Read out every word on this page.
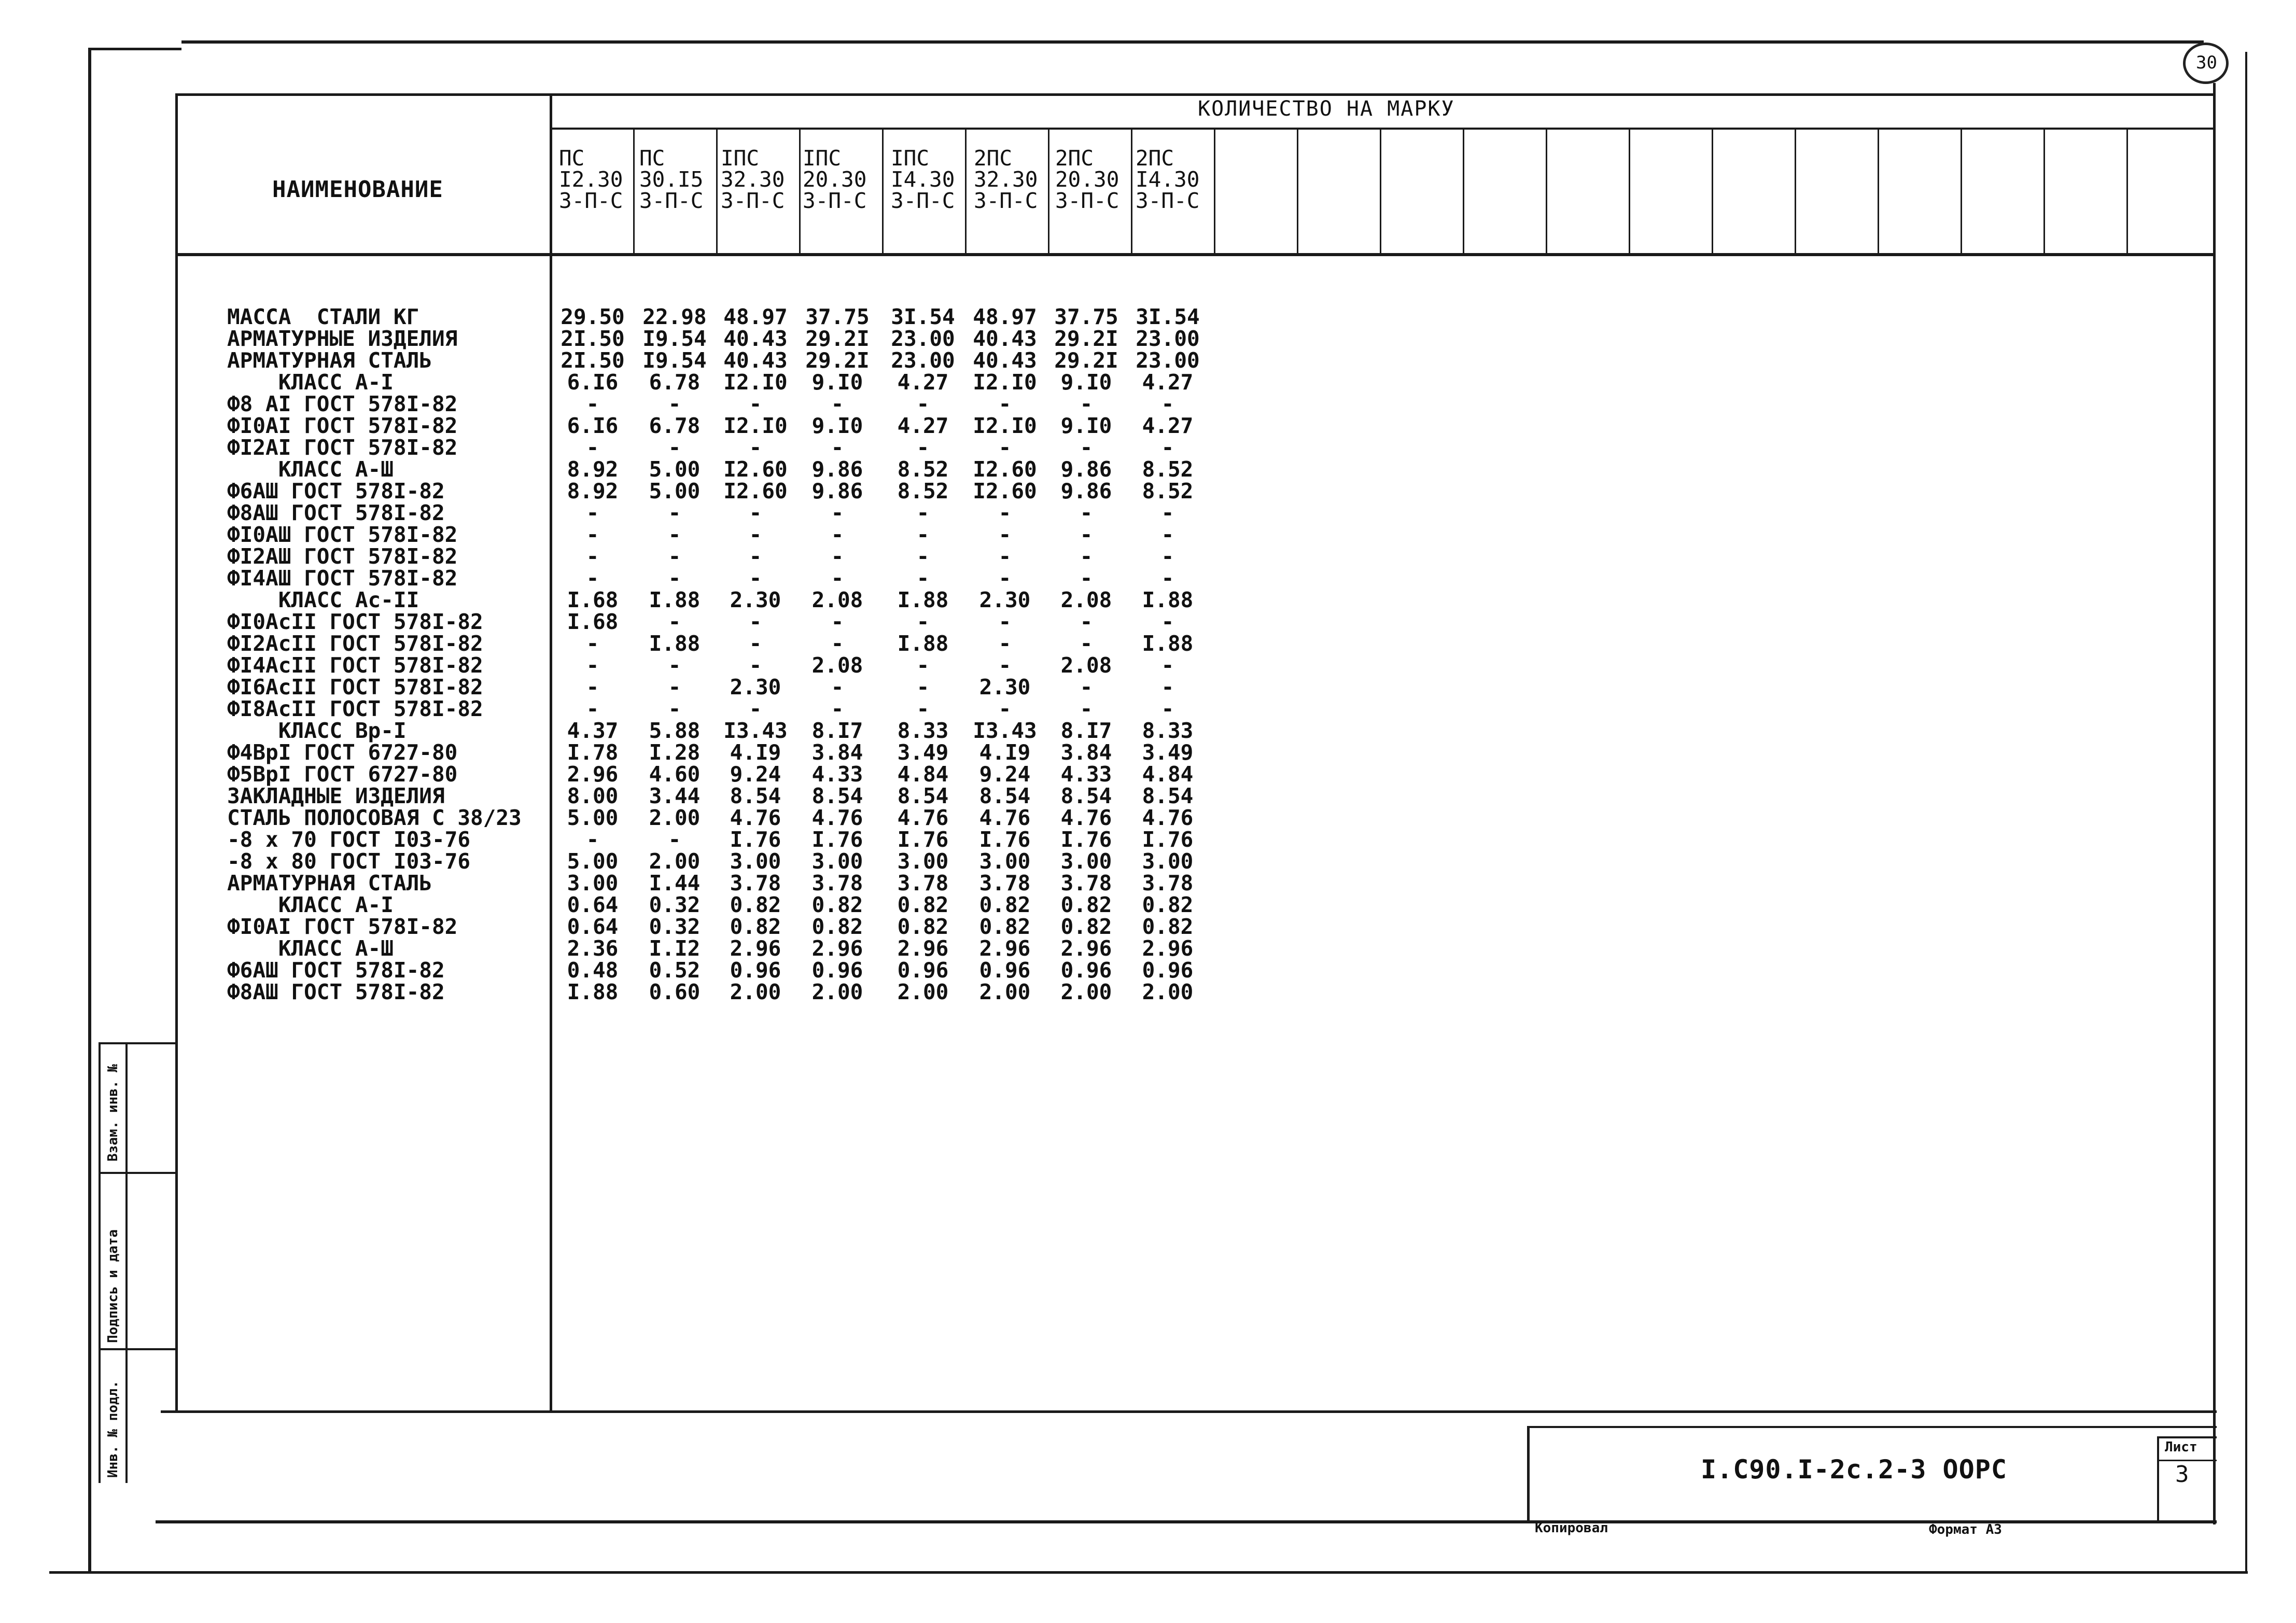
КОЛИЧЕСТВО НА МАРКУ
НАИМЕНОВАНИЕ
ПС
I2.30
3-П-С
ПС
30.I5
3-П-С
IПС
32.30
3-П-С
IПС
20.30
3-П-С
IПС
I4.30
3-П-С
2ПС
32.30
3-П-С
2ПС
20.30
3-П-С
2ПС
I4.30
3-П-С
МАССА  СТАЛИ КГ	29.50 22.98 48.97 37.75	3I.54 48.97 37.75 3I.54
АРМАТУРНЫЕ ИЗДЕЛИЯ	2I.50 I9.54 40.43 29.2I	23.00 40.43 29.2I 23.00
АРМАТУРНАЯ СТАЛЬ	2I.50 I9.54 40.43 29.2I	23.00 40.43 29.2I 23.00
КЛАСС А-I	6.I6	6.78	I2.I0	9.I0	4.27	I2.I0	9.I0	4.27
Ф8 АI ГОСТ 578I-82	-	-	-	-	-	-	-	-
ФI0АI ГОСТ 578I-82	6.I6	6.78	I2.I0	9.I0	4.27	I2.I0	9.I0	4.27
ФI2АI ГОСТ 578I-82	-	-	-	-	-	-	-	-
КЛАСС А-Ш	8.92	5.00	I2.60	9.86	8.52	I2.60	9.86	8.52
Ф6АШ ГОСТ 578I-82	8.92	5.00	I2.60	9.86	8.52	I2.60	9.86	8.52
Ф8АШ ГОСТ 578I-82	-	-	-	-	-	-	-	-
ФI0АШ ГОСТ 578I-82	-	-	-	-	-	-	-	-
ФI2АШ ГОСТ 578I-82	-	-	-	-	-	-	-	-
ФI4АШ ГОСТ 578I-82	-	-	-	-	-	-	-	-
КЛАСС Ас-II	I.68	I.88	2.30	2.08	I.88	2.30	2.08	I.88
ФI0АсII ГОСТ 578I-82	I.68	-	-	-	-	-	-	-
ФI2АсII ГОСТ 578I-82	-	I.88	-	-	I.88	-	-	I.88
ФI4АсII ГОСТ 578I-82	-	-	-	2.08	-	-	2.08	-
ФI6АсII ГОСТ 578I-82	-	-	2.30	-	-	2.30	-	-
ФI8АсII ГОСТ 578I-82	-	-	-	-	-	-	-	-
КЛАСС Вр-I	4.37	5.88	I3.43	8.I7	8.33	I3.43	8.I7	8.33
Ф4ВрI ГОСТ 6727-80	I.78	I.28	4.I9	3.84	3.49	4.I9	3.84	3.49
Ф5ВрI ГОСТ 6727-80	2.96	4.60	9.24	4.33	4.84	9.24	4.33	4.84
ЗАКЛАДНЫЕ ИЗДЕЛИЯ	8.00	3.44	8.54	8.54	8.54	8.54	8.54	8.54
СТАЛЬ ПОЛОСОВАЯ С 38/23	5.00	2.00	4.76	4.76	4.76	4.76	4.76	4.76
-8 х 70 ГОСТ I03-76	-	-	I.76	I.76	I.76	I.76	I.76	I.76
-8 х 80 ГОСТ I03-76	5.00	2.00	3.00	3.00	3.00	3.00	3.00	3.00
АРМАТУРНАЯ СТАЛЬ	3.00	I.44	3.78	3.78	3.78	3.78	3.78	3.78
КЛАСС А-I	0.64	0.32	0.82	0.82	0.82	0.82	0.82	0.82
ФI0АI ГОСТ 578I-82	0.64	0.32	0.82	0.82	0.82	0.82	0.82	0.82
КЛАСС А-Ш	2.36	I.I2	2.96	2.96	2.96	2.96	2.96	2.96
Ф6АШ ГОСТ 578I-82	0.48	0.52	0.96	0.96	0.96	0.96	0.96	0.96
Ф8АШ ГОСТ 578I-82	I.88	0.60	2.00	2.00	2.00	2.00	2.00	2.00
Взам. инв. №
Подпись и дата
Инв. № подл.	I.С90.I-2с.2-3 ООРС
Лист
3
Копировал	Формат А3
30
